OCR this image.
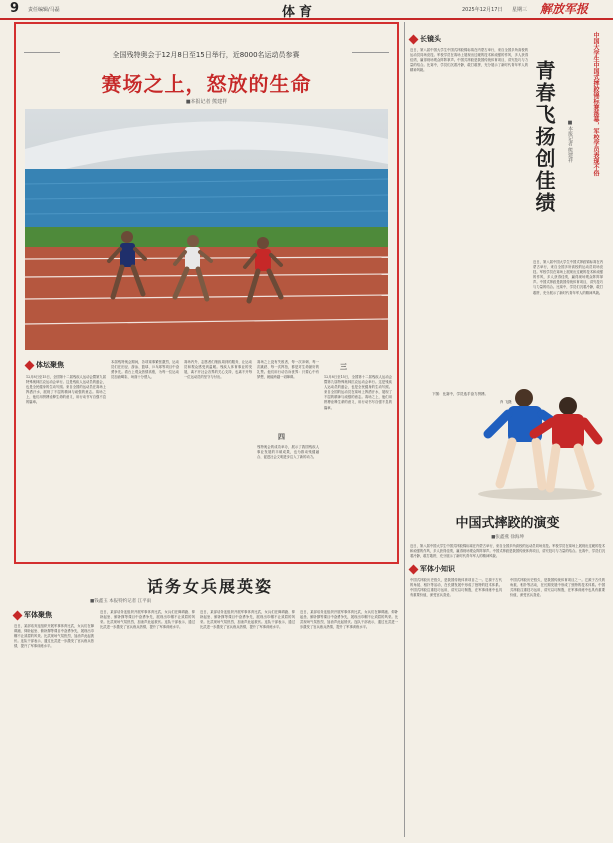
9 责任编辑/马磊	体育	2025年12月17日 星期三 解放军报
全国残特奥会于12月8日至15日举行，近8000名运动员参赛
赛场之上，怒放的生命
■本报记者 熊建祥
体坛聚焦
12月8日至15日，全国第十二届残疾人运动会暨第九届特殊奥林匹克运动会举行。这是残疾人运动员的盛会，也是全民健身的生动写照。来自全国的运动员在赛场上挥洒汗水，展现了不屈的精神与顽强的意志。赛场之上，他们用拼搏诠释生命的意义，用行动书写自强不息的篇章。
本届残特奥会期间，各项赛事紧张激烈，运动员们在田径、游泳、篮球、乒乓球等项目中奋勇争先。看台上观众热情高涨，为每一位运动员加油喝彩，场面十分感人。
赛场内外，志愿者们细致周到的服务，让运动员和观众感受到温暖。残疾人体育事业的发展，离不开社会各界的关心支持，也离不开每一位运动员的坚守与付出。
赛场之上没有失败者，每一次冲刺、每一次跳跃、每一次挥拍，都是对生命最好的礼赞。他们用行动告诉世界：只要心中有梦想，就能跨越一切障碍。
四
残特奥会的成功举办，展示了我国残疾人事业发展的丰硕成果，也为推动残健融合、促进社会文明进步注入了新的动力。
三
12月8日至15日，全国第十二届残疾人运动会暨第九届特殊奥林匹克运动会举行。这是残疾人运动员的盛会，也是全民健身的生动写照。来自全国的运动员在赛场上挥洒汗水，展现了不屈的精神与顽强的意志。赛场之上，他们用拼搏诠释生命的意义，用行动书写自强不息的篇章。
长镜头
近日，第八届中国大学生中国式摔跤锦标赛在内蒙古举行，来自全国多所高校的运动员同场竞技。军校学员在赛场上展现出过硬的技术和顽强的作风，多人获得佳绩，赢得现场观众阵阵掌声。中国式摔跤是我国传统体育项目，讲究技巧与力量的结合。比赛中，学员们沉着冷静，敢打敢拼，充分展示了新时代青年军人的精神风貌。	青春飞扬创佳绩	中国大学生中国式摔跤锦标赛落幕，军校学员表现不俗
■本报记者 熊建祥
近日，第八届中国大学生中国式摔跤锦标赛在内蒙古举行，来自全国多所高校的运动员同场竞技。军校学员在赛场上展现出过硬的技术和顽强的作风，多人获得佳绩，赢得现场观众阵阵掌声。中国式摔跤是我国传统体育项目，讲究技巧与力量的结合。比赛中，学员们沉着冷静，敢打敢拼，充分展示了新时代青年军人的精神风貌。
下图：比赛中，学员选手奋力拼搏。
肖 飞摄
中国式摔跤的演变
■张鑫燕 徐海坤
近日，第八届中国大学生中国式摔跤锦标赛在内蒙古举行，来自全国多所高校的运动员同场竞技。军校学员在赛场上展现出过硬的技术和顽强的作风，多人获得佳绩，赢得现场观众阵阵掌声。中国式摔跤是我国传统体育项目，讲究技巧与力量的结合。比赛中，学员们沉着冷静，敢打敢拼，充分展示了新时代青年军人的精神风貌。
军体小知识
中国式摔跤历史悠久，是我国传统体育项目之一。它源于古代的角抵、相扑等活动，在长期发展中形成了独特的技术体系。中国式摔跤注重技巧运用，讲究以巧制胜，在军事训练中也具有重要价值，深受官兵喜爱。
中国式摔跤历史悠久，是我国传统体育项目之一。它源于古代的角抵、相扑等活动，在长期发展中形成了独特的技术体系。中国式摔跤注重技巧运用，讲究以巧制胜，在军事训练中也具有重要价值，深受官兵喜爱。
话务女兵展英姿
军体聚焦
■钱鑫玉 本报特约记者 江平雨
近日，某部话务连组织开展军事体育比武，女兵们在障碍跑、仰卧起坐、俯卧撑等课目中奋勇争先，展现出巾帼不让须眉的风采。比武现场气氛热烈，加油声此起彼伏。连队干部表示，通过比武进一步激发了官兵练兵热情，提升了军事训练水平。
近日，某部话务连组织开展军事体育比武，女兵们在障碍跑、仰卧起坐、俯卧撑等课目中奋勇争先，展现出巾帼不让须眉的风采。比武现场气氛热烈，加油声此起彼伏。连队干部表示，通过比武进一步激发了官兵练兵热情，提升了军事训练水平。
近日，某部话务连组织开展军事体育比武，女兵们在障碍跑、仰卧起坐、俯卧撑等课目中奋勇争先，展现出巾帼不让须眉的风采。比武现场气氛热烈，加油声此起彼伏。连队干部表示，通过比武进一步激发了官兵练兵热情，提升了军事训练水平。
近日，某部话务连组织开展军事体育比武，女兵们在障碍跑、仰卧起坐、俯卧撑等课目中奋勇争先，展现出巾帼不让须眉的风采。比武现场气氛热烈，加油声此起彼伏。连队干部表示，通过比武进一步激发了官兵练兵热情，提升了军事训练水平。
